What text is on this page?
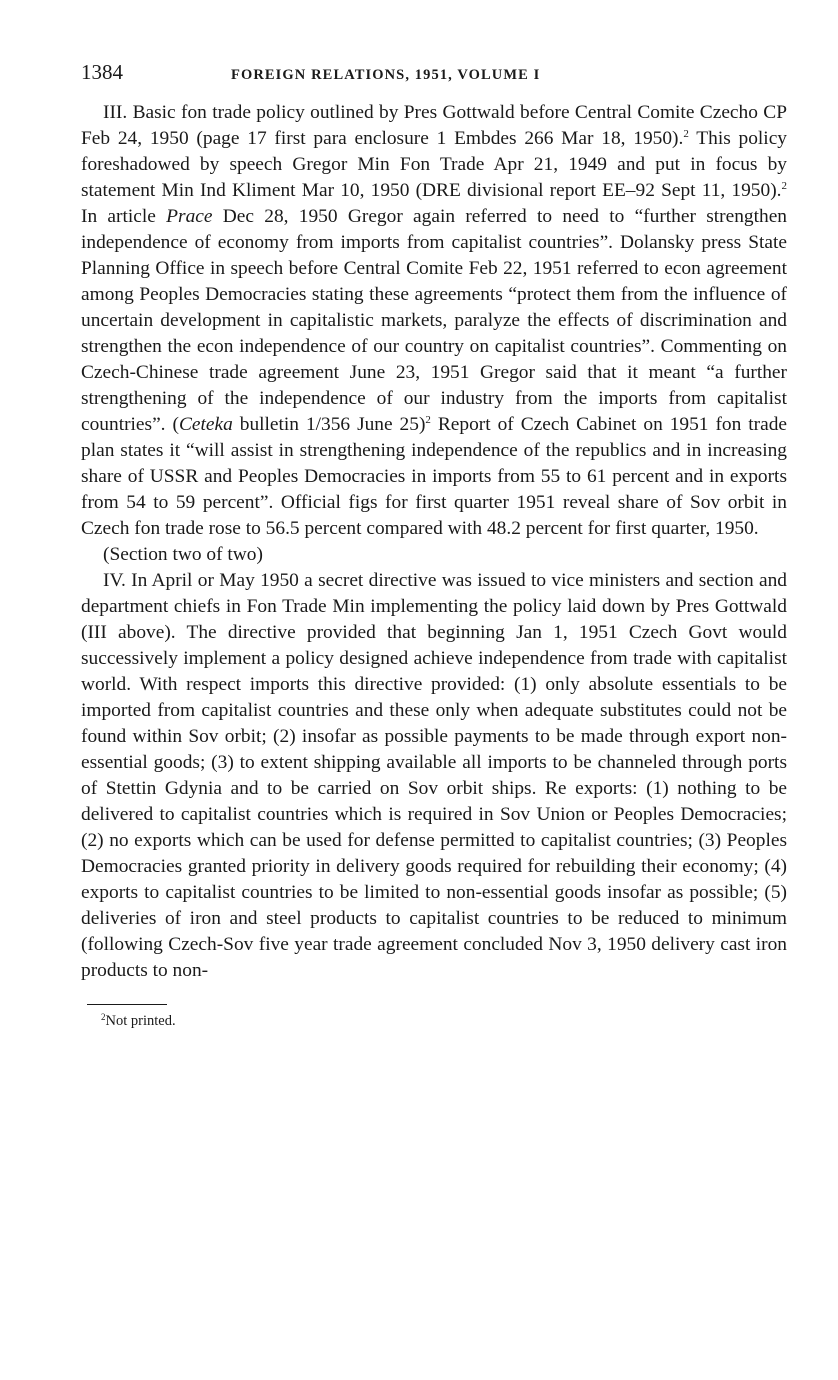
1384	FOREIGN RELATIONS, 1951, VOLUME I

III. Basic fon trade policy outlined by Pres Gottwald before Central Comite Czecho CP Feb 24, 1950 (page 17 first para enclosure 1 Embdes 266 Mar 18, 1950).$^2$ This policy foreshadowed by speech Gregor Min Fon Trade Apr 21, 1949 and put in focus by statement Min Ind Kliment Mar 10, 1950 (DRE divisional report EE–92 Sept 11, 1950).$^2$ In article Prace Dec 28, 1950 Gregor again referred to need to “further strengthen independence of economy from imports from capitalist countries”. Dolansky press State Planning Office in speech before Central Comite Feb 22, 1951 referred to econ agreement among Peoples Democracies stating these agreements “protect them from the influence of uncertain development in capitalistic markets, paralyze the effects of discrimination and strengthen the econ independence of our country on capitalist countries”. Commenting on Czech-Chinese trade agreement June 23, 1951 Gregor said that it meant “a further strengthening of the independence of our industry from the imports from capitalist countries”. (Ceteka bulletin 1/356 June 25)$^2$ Report of Czech Cabinet on 1951 fon trade plan states it “will assist in strengthening independence of the republics and in increasing share of USSR and Peoples Democracies in imports from 55 to 61 percent and in exports from 54 to 59 percent”. Official figs for first quarter 1951 reveal share of Sov orbit in Czech fon trade rose to 56.5 percent compared with 48.2 percent for first quarter, 1950.

(Section two of two)

IV. In April or May 1950 a secret directive was issued to vice ministers and section and department chiefs in Fon Trade Min implementing the policy laid down by Pres Gottwald (III above). The directive provided that beginning Jan 1, 1951 Czech Govt would successively implement a policy designed achieve independence from trade with capitalist world. With respect imports this directive provided: (1) only absolute essentials to be imported from capitalist countries and these only when adequate substitutes could not be found within Sov orbit; (2) insofar as possible payments to be made through export non-essential goods; (3) to extent shipping available all imports to be channeled through ports of Stettin Gdynia and to be carried on Sov orbit ships. Re exports: (1) nothing to be delivered to capitalist countries which is required in Sov Union or Peoples Democracies; (2) no exports which can be used for defense permitted to capitalist countries; (3) Peoples Democracies granted priority in delivery goods required for rebuilding their economy; (4) exports to capitalist countries to be limited to non-essential goods insofar as possible; (5) deliveries of iron and steel products to capitalist countries to be reduced to minimum (following Czech-Sov five year trade agreement concluded Nov 3, 1950 delivery cast iron products to non-

$^2$Not printed.
